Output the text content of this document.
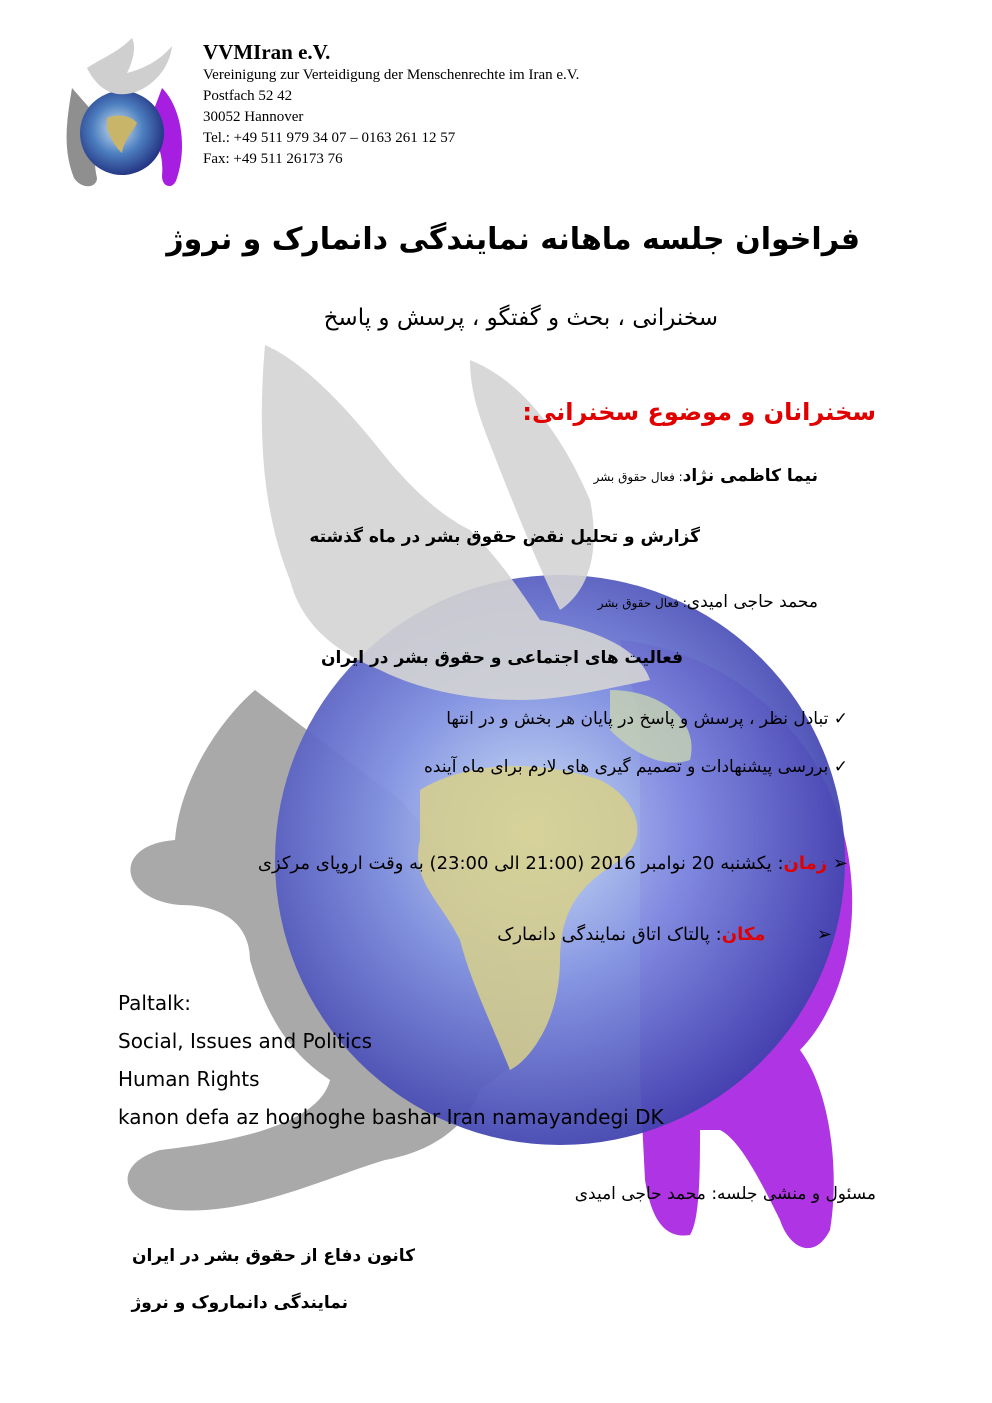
VVMIran e.V.
Vereinigung zur Verteidigung der Menschenrechte im Iran e.V.
Postfach 52 42
30052 Hannover
Tel.: +49 511 979 34 07 – 0163 261 12 57
Fax: +49 511 26173 76
فراخوان جلسه ماهانه نمایندگی دانمارک و نروژ
سخنرانی ، بحث و گفتگو ، پرسش و پاسخ
سخنرانان و موضوع سخنرانی:
نیما کاظمی نژاد: فعال حقوق بشر
گزارش و تحلیل نقض حقوق بشر در ماه گذشته
محمد حاجی امیدی: فعال حقوق بشر
فعالیت های اجتماعی و حقوق بشر در ایران
✓ تبادل نظر ، پرسش و پاسخ در پایان هر بخش و در انتها
✓ بررسی پیشنهادات و تصمیم گیری های لازم برای ماه آینده
➢ زمان: یکشنبه 20 نوامبر 2016 (21:00 الی 23:00) به وقت اروپای مرکزی
➢  مکان: پالتاک اتاق نمایندگی دانمارک
Paltalk:
Social, Issues and Politics
Human Rights
kanon defa az hoghoghe bashar Iran namayandegi DK
مسئول و منشی جلسه: محمد حاجی امیدی
کانون دفاع از حقوق بشر در ایران
نمایندگی دانماروک و نروژ
